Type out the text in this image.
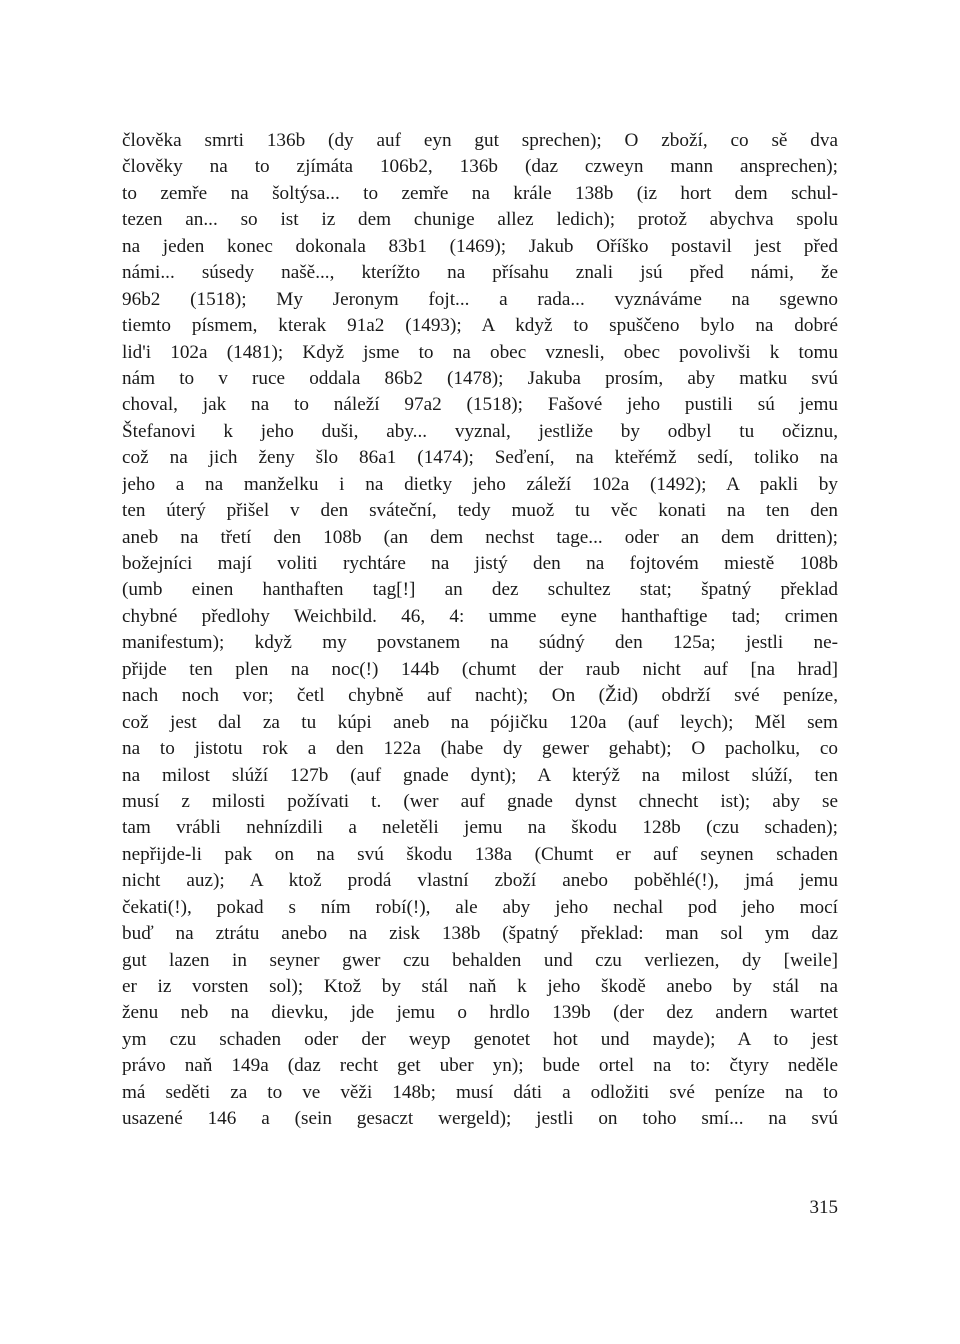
člověka smrti 136b (dy auf eyn gut sprechen); O zboží, co sě dva
člověky na to zjímáta 106b2, 136b (daz czweyn mann ansprechen);
to zemře na šoltýsa... to zemře na krále 138b (iz hort dem schul-
tezen an... so ist iz dem chunige allez ledich); protož abychva spolu
na jeden konec dokonala 83b1 (1469); Jakub Oříško postavil jest před
námi... súsedy našě..., kterížto na přísahu znali jsú před námi, že
96b2 (1518); My Jeronym fojt... a rada... vyznáváme na sgewno
tiemto písmem, kterak 91a2 (1493); A když to spuščeno bylo na dobré
lid'i 102a (1481); Když jsme to na obec vznesli, obec povolivši k tomu
nám to v ruce oddala 86b2 (1478); Jakuba prosím, aby matku svú
choval, jak na to náleží 97a2 (1518); Fašové jeho pustili sú jemu
Štefanovi k jeho duši, aby... vyznal, jestliže by odbyl tu očiznu,
což na jich ženy šlo 86a1 (1474); Seďení, na kteřémž sedí, toliko na
jeho a na manželku i na dietky jeho záleží 102a (1492); A pakli by
ten úterý přišel v den sváteční, tedy muož tu věc konati na ten den
aneb na třetí den 108b (an dem nechst tage... oder an dem dritten);
božejníci mají voliti rychtáre na jistý den na fojtovém miestě 108b
(umb einen hanthaften tag[!] an dez schultez stat; špatný překlad
chybné předlohy Weichbild. 46, 4: umme eyne hanthaftige tad; crimen
manifestum); když my povstanem na súdný den 125a; jestli ne-
přijde ten plen na noc(!) 144b (chumt der raub nicht auf [na hrad]
nach noch vor; četl chybně auf nacht); On (Žid) obdrží své peníze,
což jest dal za tu kúpi aneb na pójičku 120a (auf leych); Měl sem
na to jistotu rok a den 122a (habe dy gewer gehabt); O pacholku, co
na milost slúží 127b (auf gnade dynt); A kterýž na milost slúží, ten
musí z milosti požívati t. (wer auf gnade dynst chnecht ist); aby se
tam vrábli nehnízdili a neletěli jemu na škodu 128b (czu schaden);
nepřijde-li pak on na svú škodu 138a (Chumt er auf seynen schaden
nicht auz); A ktož prodá vlastní zboží anebo poběhlé(!), jmá jemu
čekati(!), pokad s ním robí(!), ale aby jeho nechal pod jeho mocí
buď na ztrátu anebo na zisk 138b (špatný překlad: man sol ym daz
gut lazen in seyner gwer czu behalden und czu verliezen, dy [weile]
er iz vorsten sol); Ktož by stál naň k jeho škodě anebo by stál na
ženu neb na dievku, jde jemu o hrdlo 139b (der dez andern wartet
ym czu schaden oder der weyp genotet hot und mayde); A to jest
právo naň 149a (daz recht get uber yn); bude ortel na to: čtyry neděle
má seděti za to ve věži 148b; musí dáti a odložiti své peníze na to
usazené 146 a (sein gesaczt wergeld); jestli on toho smí... na svú
315
